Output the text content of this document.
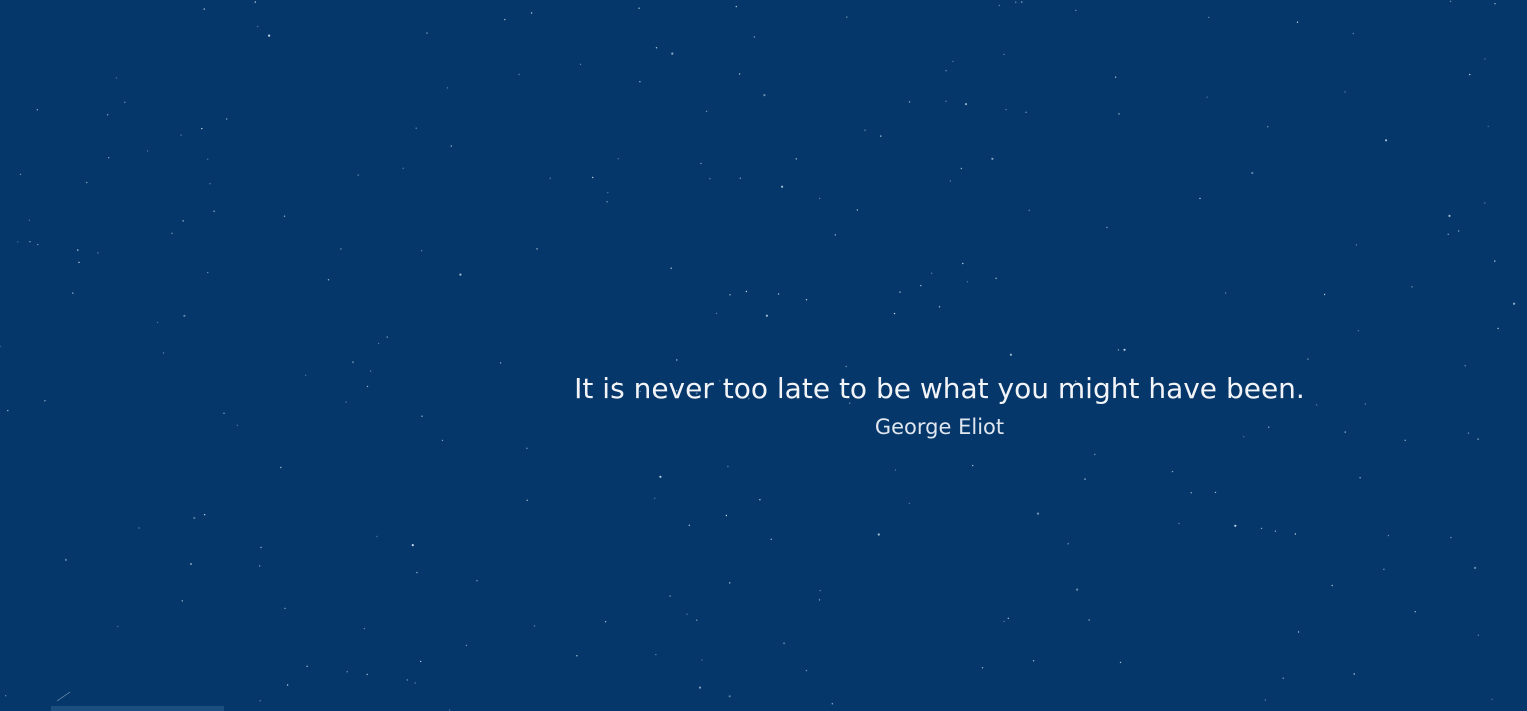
It is never too late to be what you might have been.

George Eliot
